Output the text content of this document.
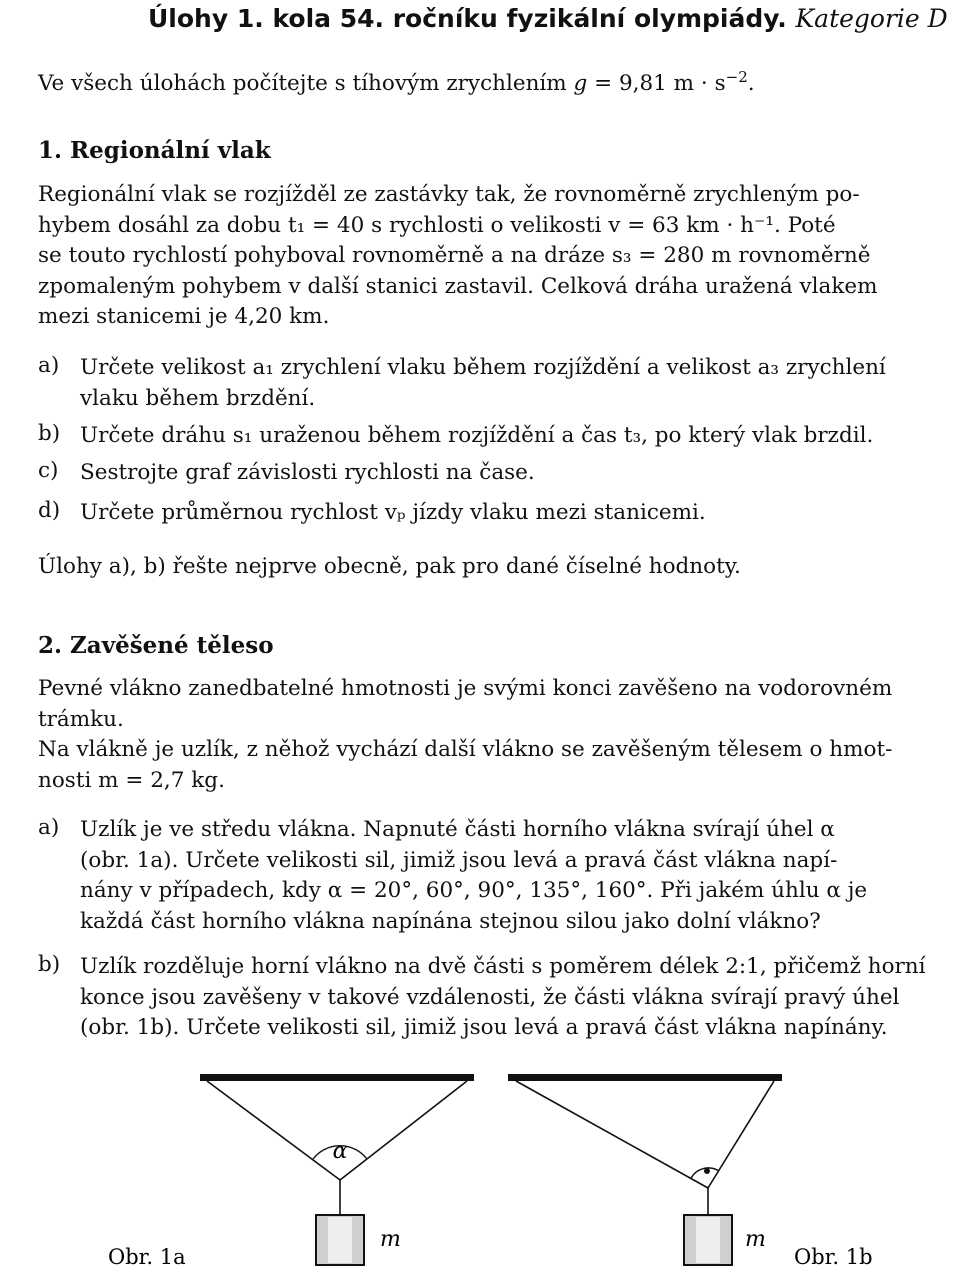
Úlohy 1. kola 54. ročníku fyzikální olympiády. Kategorie D
Ve všech úlohách počítejte s tíhovým zrychlením g = 9,81 $m \cdot s^{-2}$.
1. Regionální vlak
Regionální vlak se rozjížděl ze zastávky tak, že rovnoměrně zrychleným po-
hybem dosáhl za dobu t₁ = 40 s rychlosti o velikosti v = 63 km · h⁻¹. Poté
se touto rychlostí pohyboval rovnoměrně a na dráze s₃ = 280 m rovnoměrně
zpomaleným pohybem v další stanici zastavil. Celková dráha uražená vlakem
mezi stanicemi je 4,20 km.
a) Určete velikost a₁ zrychlení vlaku během rozjíždění a velikost a₃ zrychlení
vlaku během brzdění.
b) Určete dráhu s₁ uraženou během rozjíždění a čas t₃, po který vlak brzdil.
c) Sestrojte graf závislosti rychlosti na čase.
d) Určete průměrnou rychlost vₚ jízdy vlaku mezi stanicemi.
Úlohy a), b) řešte nejprve obecně, pak pro dané číselné hodnoty.
2. Zavěšené těleso
Pevné vlákno zanedbatelné hmotnosti je svými konci zavěšeno na vodorovném
trámku.
Na vlákně je uzlík, z něhož vychází další vlákno se zavěšeným tělesem o hmot-
nosti m = 2,7 kg.
a) Uzlík je ve středu vlákna. Napnuté části horního vlákna svírají úhel α
(obr. 1a). Určete velikosti sil, jimiž jsou levá a pravá část vlákna napí-
nány v případech, kdy α = 20°, 60°, 90°, 135°, 160°. Při jakém úhlu α je
každá část horního vlákna napínána stejnou silou jako dolní vlákno?
b) Uzlík rozděluje horní vlákno na dvě části s poměrem délek 2:1, přičemž horní
konce jsou zavěšeny v takové vzdálenosti, že části vlákna svírají pravý úhel
(obr. 1b). Určete velikosti sil, jimiž jsou levá a pravá část vlákna napínány.
α
m
Obr. 1a
m
Obr. 1b
